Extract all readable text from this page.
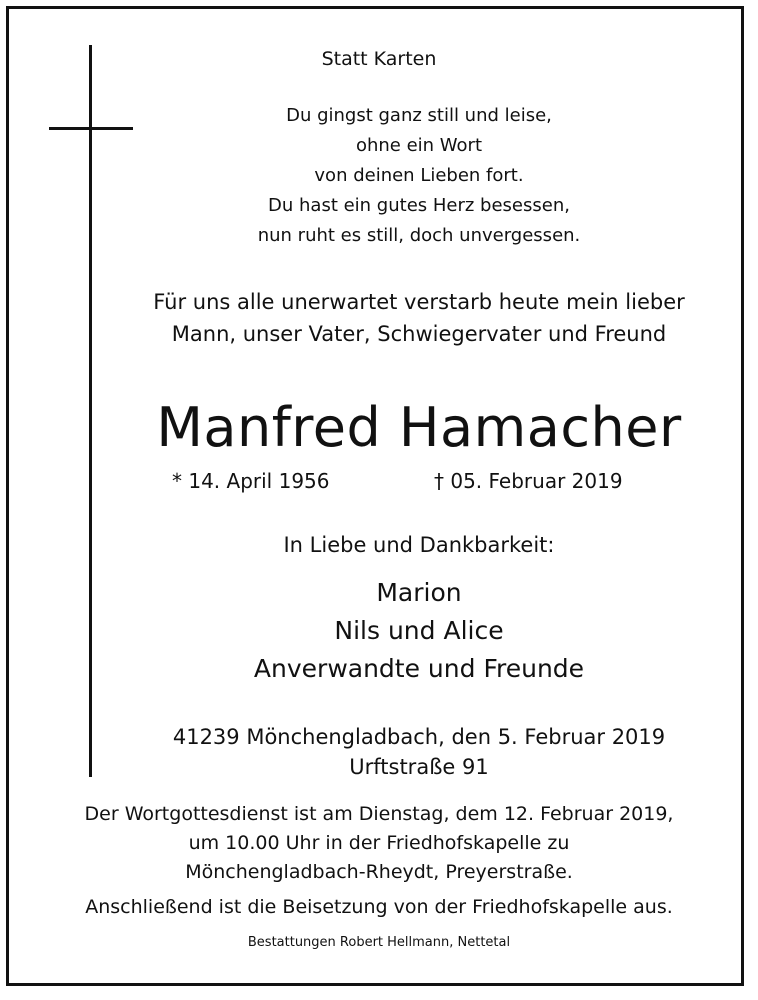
Statt Karten
Du gingst ganz still und leise,
ohne ein Wort
von deinen Lieben fort.
Du hast ein gutes Herz besessen,
nun ruht es still, doch unvergessen.
Für uns alle unerwartet verstarb heute mein lieber
Mann, unser Vater, Schwiegervater und Freund
Manfred Hamacher
* 14. April 1956	† 05. Februar 2019
In Liebe und Dankbarkeit:
Marion
Nils und Alice
Anverwandte und Freunde
41239 Mönchengladbach, den 5. Februar 2019
Urftstraße 91
Der Wortgottesdienst ist am Dienstag, dem 12. Februar 2019,
um 10.00 Uhr in der Friedhofskapelle zu
Mönchengladbach-Rheydt, Preyerstraße.
Anschließend ist die Beisetzung von der Friedhofskapelle aus.
Bestattungen Robert Hellmann, Nettetal
